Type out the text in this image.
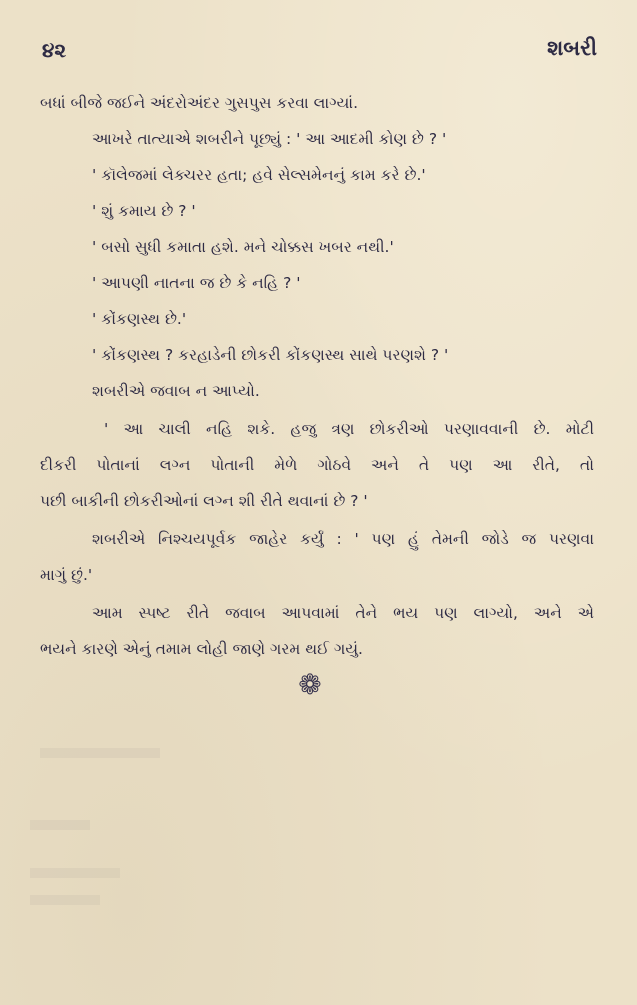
૪૨	શબરી
બધાં બીજે જઈને અંદરોઅંદર ગુસપુસ કરવા લાગ્યાં.
આખરે તાત્યાએ શબરીને પૂછ્યું : ' આ આદમી કોણ છે ? '
' કૉલેજમાં લેક્ચરર હતા; હવે સેલ્સમેનનું કામ કરે છે.'
' શું કમાય છે ? '
' બસો સુધી કમાતા હશે. મને ચોક્કસ ખબર નથી.'
' આપણી નાતના જ છે કે નહિ ? '
' કોંકણસ્થ છે.'
' કોંકણસ્થ ? કરહાડેની છોકરી કોંકણસ્થ સાથે પરણશે ? '
શબરીએ જવાબ ન આપ્યો.
' આ ચાલી નહિ શકે. હજુ ત્રણ છોકરીઓ પરણાવવાની છે. મોટી
દીકરી પોતાનાં લગ્ન પોતાની મેળે ગોઠવે અને તે પણ આ રીતે, તો
પછી બાકીની છોકરીઓનાં લગ્ન શી રીતે થવાનાં છે ? '
શબરીએ નિશ્ચયપૂર્વક જાહેર કર્યું : ' પણ હું તેમની જોડે જ પરણવા
માગું છું.'
આમ સ્પષ્ટ રીતે જવાબ આપવામાં તેને ભય પણ લાગ્યો, અને એ
ભયને કારણે એનું તમામ લોહી જાણે ગરમ થઈ ગયું.
❁
